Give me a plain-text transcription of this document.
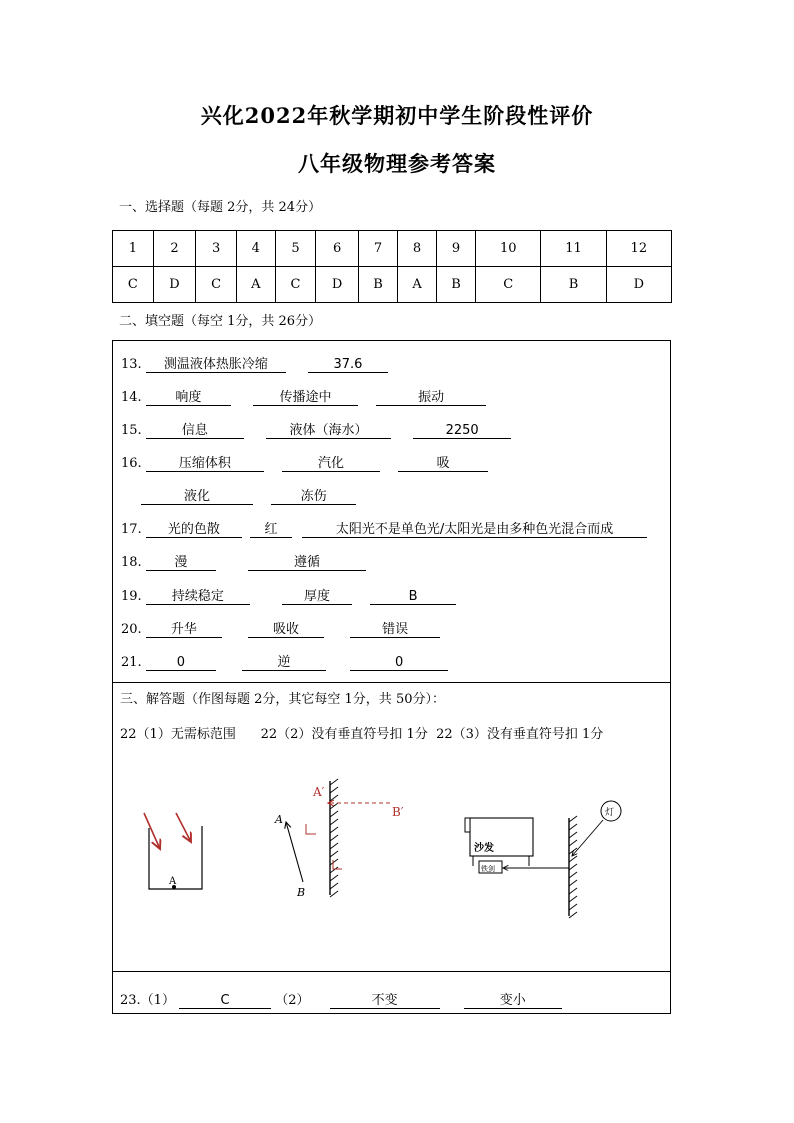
兴化2022年秋学期初中学生阶段性评价
八年级物理参考答案
一、选择题（每题 2分，共 24分）
1	2	3	4	5	6	7	8	9	10	11	12
C	D	C	A	C	D	B	A	B	C	B	D
二、填空题（每空 1分，共 26分）
13. 测温液体热胀冷缩	37.6
14.	响度	传播途中	振动
15.	信息	液体（海水）	2250
16.	压缩体积	汽化	吸
液化	冻伤
17. 光的色散	红	太阳光不是单色光/太阳光是由多种色光混合而成
18.	漫	遵循
19. 持续稳定	厚度	B
20. 升华	吸收	错误
21.	0	逆	0
三、解答题（作图每题 2分，其它每空 1分，共 50分）：
22（1）无需标范围      22（2）没有垂直符号扣 1分  22（3）没有垂直符号扣 1分
A
A
B
A′
B′
沙发
铁剑
灯
23.（1）	C	（2）	不变	变小
